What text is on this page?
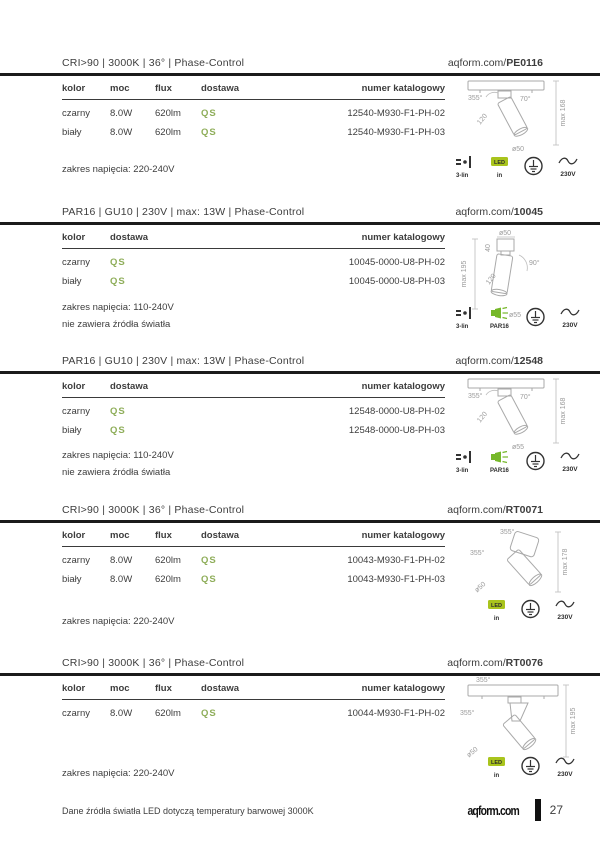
CRI>90 | 3000K | 36° | Phase-Control	aqform.com/PE0116
kolor	moc	flux	dostawa	numer katalogowy
czarny	8.0W	620lm	QS	12540-M930-F1-PH-02
biały	8.0W	620lm	QS	12540-M930-F1-PH-03
zakres napięcia: 220-240V
355°	70°
120
ø50
max 168
3-lin
LED
in	230V
PAR16 | GU10 | 230V | max: 13W | Phase-Control	aqform.com/10045
kolor	dostawa	numer katalogowy
czarny	QS	10045-0000-U8-PH-02
biały	QS	10045-0000-U8-PH-03
zakres napięcia: 110-240V
nie zawiera źródła światła
ø50
40
max 195	90°
120
ø55
3-lin	PAR16	230V
PAR16 | GU10 | 230V | max: 13W | Phase-Control	aqform.com/12548
kolor	dostawa	numer katalogowy
czarny	QS	12548-0000-U8-PH-02
biały	QS	12548-0000-U8-PH-03
zakres napięcia: 110-240V
nie zawiera źródła światła
355°	70°
120
ø55
max 168
3-lin	PAR16	230V
CRI>90 | 3000K | 36° | Phase-Control	aqform.com/RT0071
kolor	moc	flux	dostawa	numer katalogowy
czarny	8.0W	620lm	QS	10043-M930-F1-PH-02
biały	8.0W	620lm	QS	10043-M930-F1-PH-03
zakres napięcia: 220-240V
355°
355°
ø50
max 178
LED
in	230V
CRI>90 | 3000K | 36° | Phase-Control	aqform.com/RT0076
kolor	moc	flux	dostawa	numer katalogowy
czarny	8.0W	620lm	QS	10044-M930-F1-PH-02
zakres napięcia: 220-240V
355°
355°
ø50
max 195
LED
in	230V
Dane źródła światła LED dotyczą temperatury barwowej 3000K	aqform.com	27
